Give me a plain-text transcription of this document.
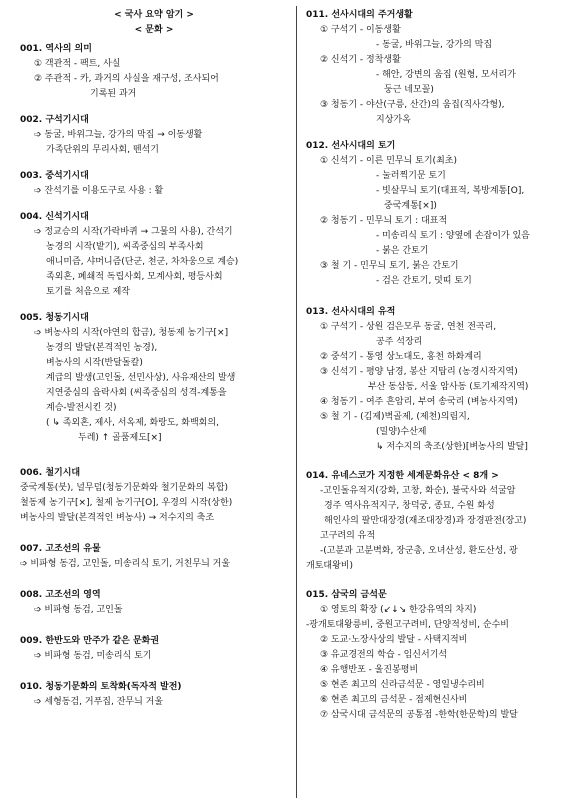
< 국사 요약 암기 >
< 문화 >
001. 역사의 의미
① 객관적 - 팩트, 사실
② 주관적 - 카, 과거의 사실을 재구성, 조사되어
기록된 과거
002. 구석기시대
➩ 동굴, 바위그늘, 강가의 막집 → 이동생활
가족단위의 무리사회, 뗀석기
003. 중석기시대
➩ 잔석기를 이용도구로 사용 : 활
004. 신석기시대
➩ 정교승의 시작(가락바퀴 → 그물의 사용), 간석기
농경의 시작(밭기), 씨족중심의 부족사회
애니미즘, 샤머니즘(단군, 천군, 차차웅으로 계승)
족외혼, 폐쇄적 독립사회, 모계사회, 평등사회
토기를 처음으로 제작
005. 청동기시대
➩ 벼농사의 시작(야연의 합금), 청동제 농기구[×]
농경의 발달(본격적인 농경),
벼농사의 시작(반달돌칼)
계급의 발생(고인돌, 선민사상), 사유재산의 발생
지연중심의 읍락사회 (씨족중심의 성격-계통을
계승-발전시킨 것)
( ↳ 족외혼, 제사, 서옥제, 화랑도, 화백회의,
두레) ↑ 골품제도[×]
006. 철기시대
중국계통(붓), 널무덤(청동기문화와 철기문화의 복합)
철동제 농기구[×], 철제 농기구[O], 우경의 시작(상한)
벼농사의 발달(본격적인 벼농사) → 저수지의 축조
007. 고조선의 유물
➩ 비파형 동검, 고인돌, 미송리식 토기, 거친무늬 거울
008. 고조선의 영역
➩ 비파형 동검, 고인돌
009. 한반도와 만주가 같은 문화권
➩ 비파형 동검, 미송리식 토기
010. 청동기문화의 토착화(독자적 발전)
➩ 세형동검, 거푸집, 잔무늬 거울
011. 선사시대의 주거생활
① 구석기 - 이동생활
- 동굴, 바위그늘, 강가의 막집
② 신석기 - 정착생활
- 해안, 강변의 움집 (원형, 모서리가
둥근 네모꼴)
③ 청동기 - 야산(구릉, 산간)의 움집(직사각형),
지상가옥
012. 선사시대의 토기
① 신석기 - 이른 민무늬 토기(최초)
- 눌러찍기문 토기
- 빗살무늬 토기(대표적, 복방계통[O],
중국계통[×])
② 청동기 - 민무늬 토기 : 대표적
- 미송리식 토기 : 양옆에 손잡이가 있음
- 붉은 간토기
③ 철 기 - 민무늬 토기, 붉은 간토기
- 검은 간토기, 덧띠 토기
013. 선사시대의 유적
① 구석기 - 상원 검은모루 동굴, 연천 전곡리,
공주 석장리
② 중석기 - 통영 상노대도, 홍천 하화계리
③ 신석기 - 평양 남경, 봉산 지탑리 (농경시작지역)
부산 동삼동, 서울 암사동 (토기제작지역)
④ 청동기 - 여주 흔암리, 부여 송국리 (벼농사지역)
⑤ 철 기 - (김제)벽골제, (제천)의림지,
(밀양)수산제
↳ 저수지의 축조(상한)[벼농사의 발달]
014. 유네스코가 지정한 세계문화유산 < 8개 >
-고인돌유적지(강화, 고창, 화순), 불국사와 석굴암
경주 역사유적지구, 창덕궁, 종묘, 수원 화성
해인사의 팔만대장경(재조대장경)과 장경판전(장고)
고구려의 유적
-(고분과 고분벽화, 장군총, 오녀산성, 환도산성, 광
개토대왕비)
015. 삼국의 금석문
① 영토의 확장 (↙↓↘ 한강유역의 차지)
-광개토대왕릉비, 중원고구려비, 단양적성비, 순수비
② 도교·노장사상의 발달 - 사택지적비
③ 유교경전의 학습 - 임신서기석
④ 유행반포 - 울진봉평비
⑤ 현존 최고의 신라금석문 - 영일냉수리비
⑥ 현존 최고의 금석문 - 점제현신사비
⑦ 삼국시대 금석문의 공통점 -한학(한문학)의 발달
